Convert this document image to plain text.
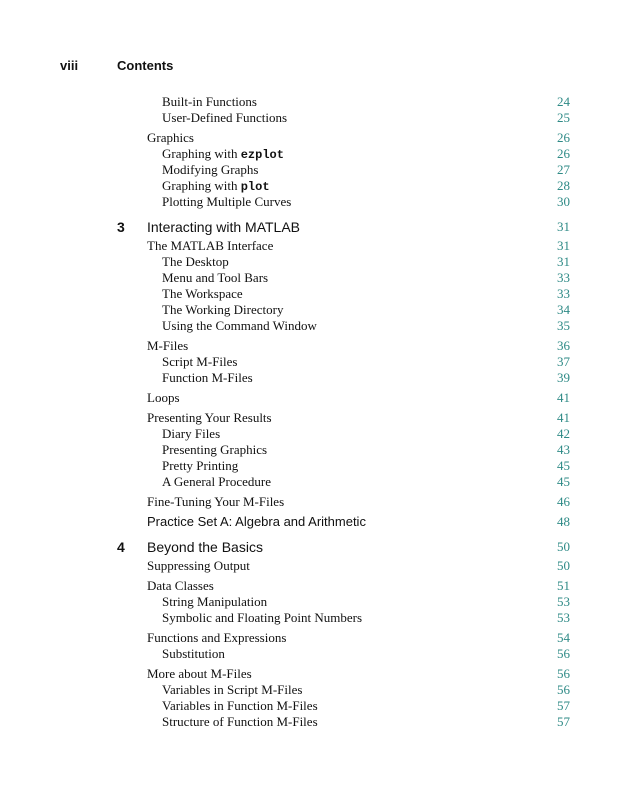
viii	Contents
Built-in Functions	24
User-Defined Functions	25
Graphics	26
Graphing with ezplot	26
Modifying Graphs	27
Graphing with plot	28
Plotting Multiple Curves	30
3 Interacting with MATLAB	31
The MATLAB Interface	31
The Desktop	31
Menu and Tool Bars	33
The Workspace	33
The Working Directory	34
Using the Command Window	35
M-Files	36
Script M-Files	37
Function M-Files	39
Loops	41
Presenting Your Results	41
Diary Files	42
Presenting Graphics	43
Pretty Printing	45
A General Procedure	45
Fine-Tuning Your M-Files	46
Practice Set A: Algebra and Arithmetic	48
4 Beyond the Basics	50
Suppressing Output	50
Data Classes	51
String Manipulation	53
Symbolic and Floating Point Numbers	53
Functions and Expressions	54
Substitution	56
More about M-Files	56
Variables in Script M-Files	56
Variables in Function M-Files	57
Structure of Function M-Files	57
